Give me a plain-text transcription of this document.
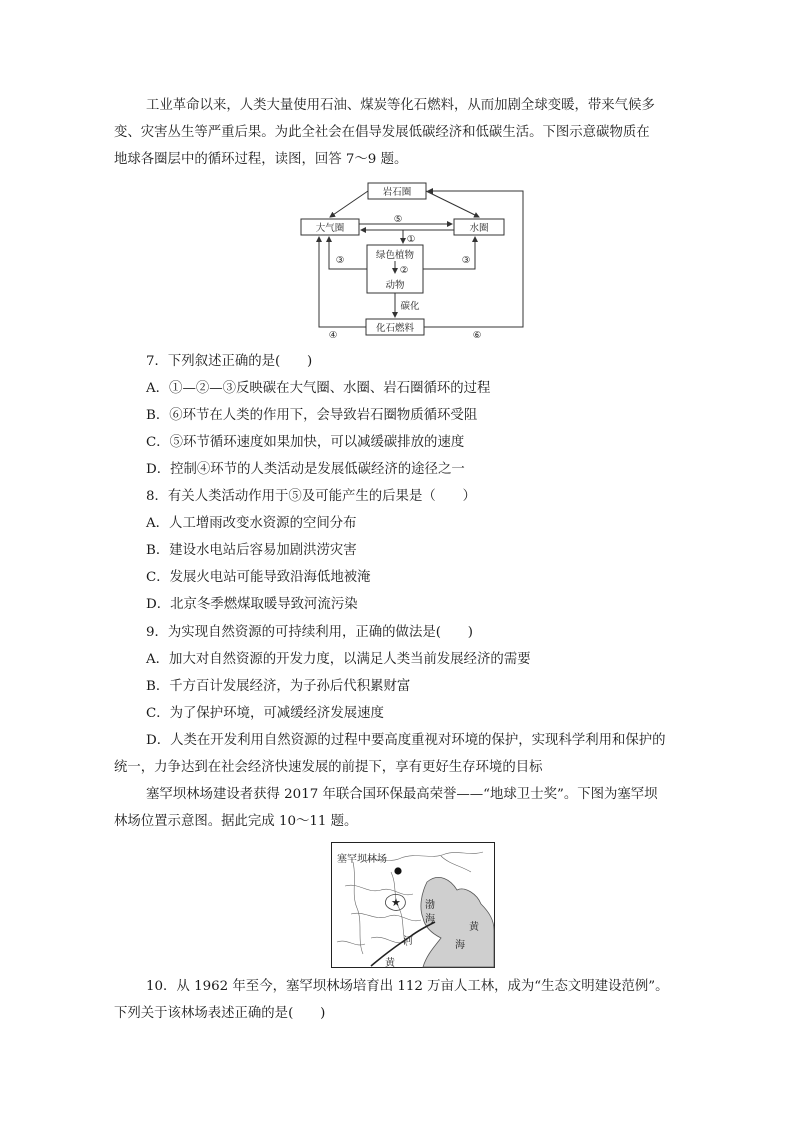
工业革命以来，人类大量使用石油、煤炭等化石燃料，从而加剧全球变暖，带来气候多
变、灾害丛生等严重后果。为此全社会在倡导发展低碳经济和低碳生活。下图示意碳物质在
地球各圈层中的循环过程，读图，回答 7～9 题。
岩石圈
大气圈	水圈
绿色植物
动物
化石燃料
碳化
⑤
①
②
③	③
④	⑥
7．下列叙述正确的是(　　)
A．①—②—③反映碳在大气圈、水圈、岩石圈循环的过程
B．⑥环节在人类的作用下，会导致岩石圈物质循环受阻
C．⑤环节循环速度如果加快，可以减缓碳排放的速度
D．控制④环节的人类活动是发展低碳经济的途径之一
8．有关人类活动作用于⑤及可能产生的后果是（　　）
A．人工增雨改变水资源的空间分布
B．建设水电站后容易加剧洪涝灾害
C．发展火电站可能导致沿海低地被淹
D．北京冬季燃煤取暖导致河流污染
9．为实现自然资源的可持续利用，正确的做法是(　　)
A．加大对自然资源的开发力度，以满足人类当前发展经济的需要
B．千方百计发展经济，为子孙后代积累财富
C．为了保护环境，可减缓经济发展速度
D．人类在开发利用自然资源的过程中要高度重视对环境的保护，实现科学利用和保护的
统一，力争达到在社会经济快速发展的前提下，享有更好生存环境的目标
塞罕坝林场建设者获得 2017 年联合国环保最高荣誉——“地球卫士奖”。下图为塞罕坝
林场位置示意图。据此完成 10～11 题。
★
塞罕坝林场
渤
海
黄
海
河
黄
10．从 1962 年至今，塞罕坝林场培育出 112 万亩人工林，成为“生态文明建设范例”。
下列关于该林场表述正确的是(　　)
